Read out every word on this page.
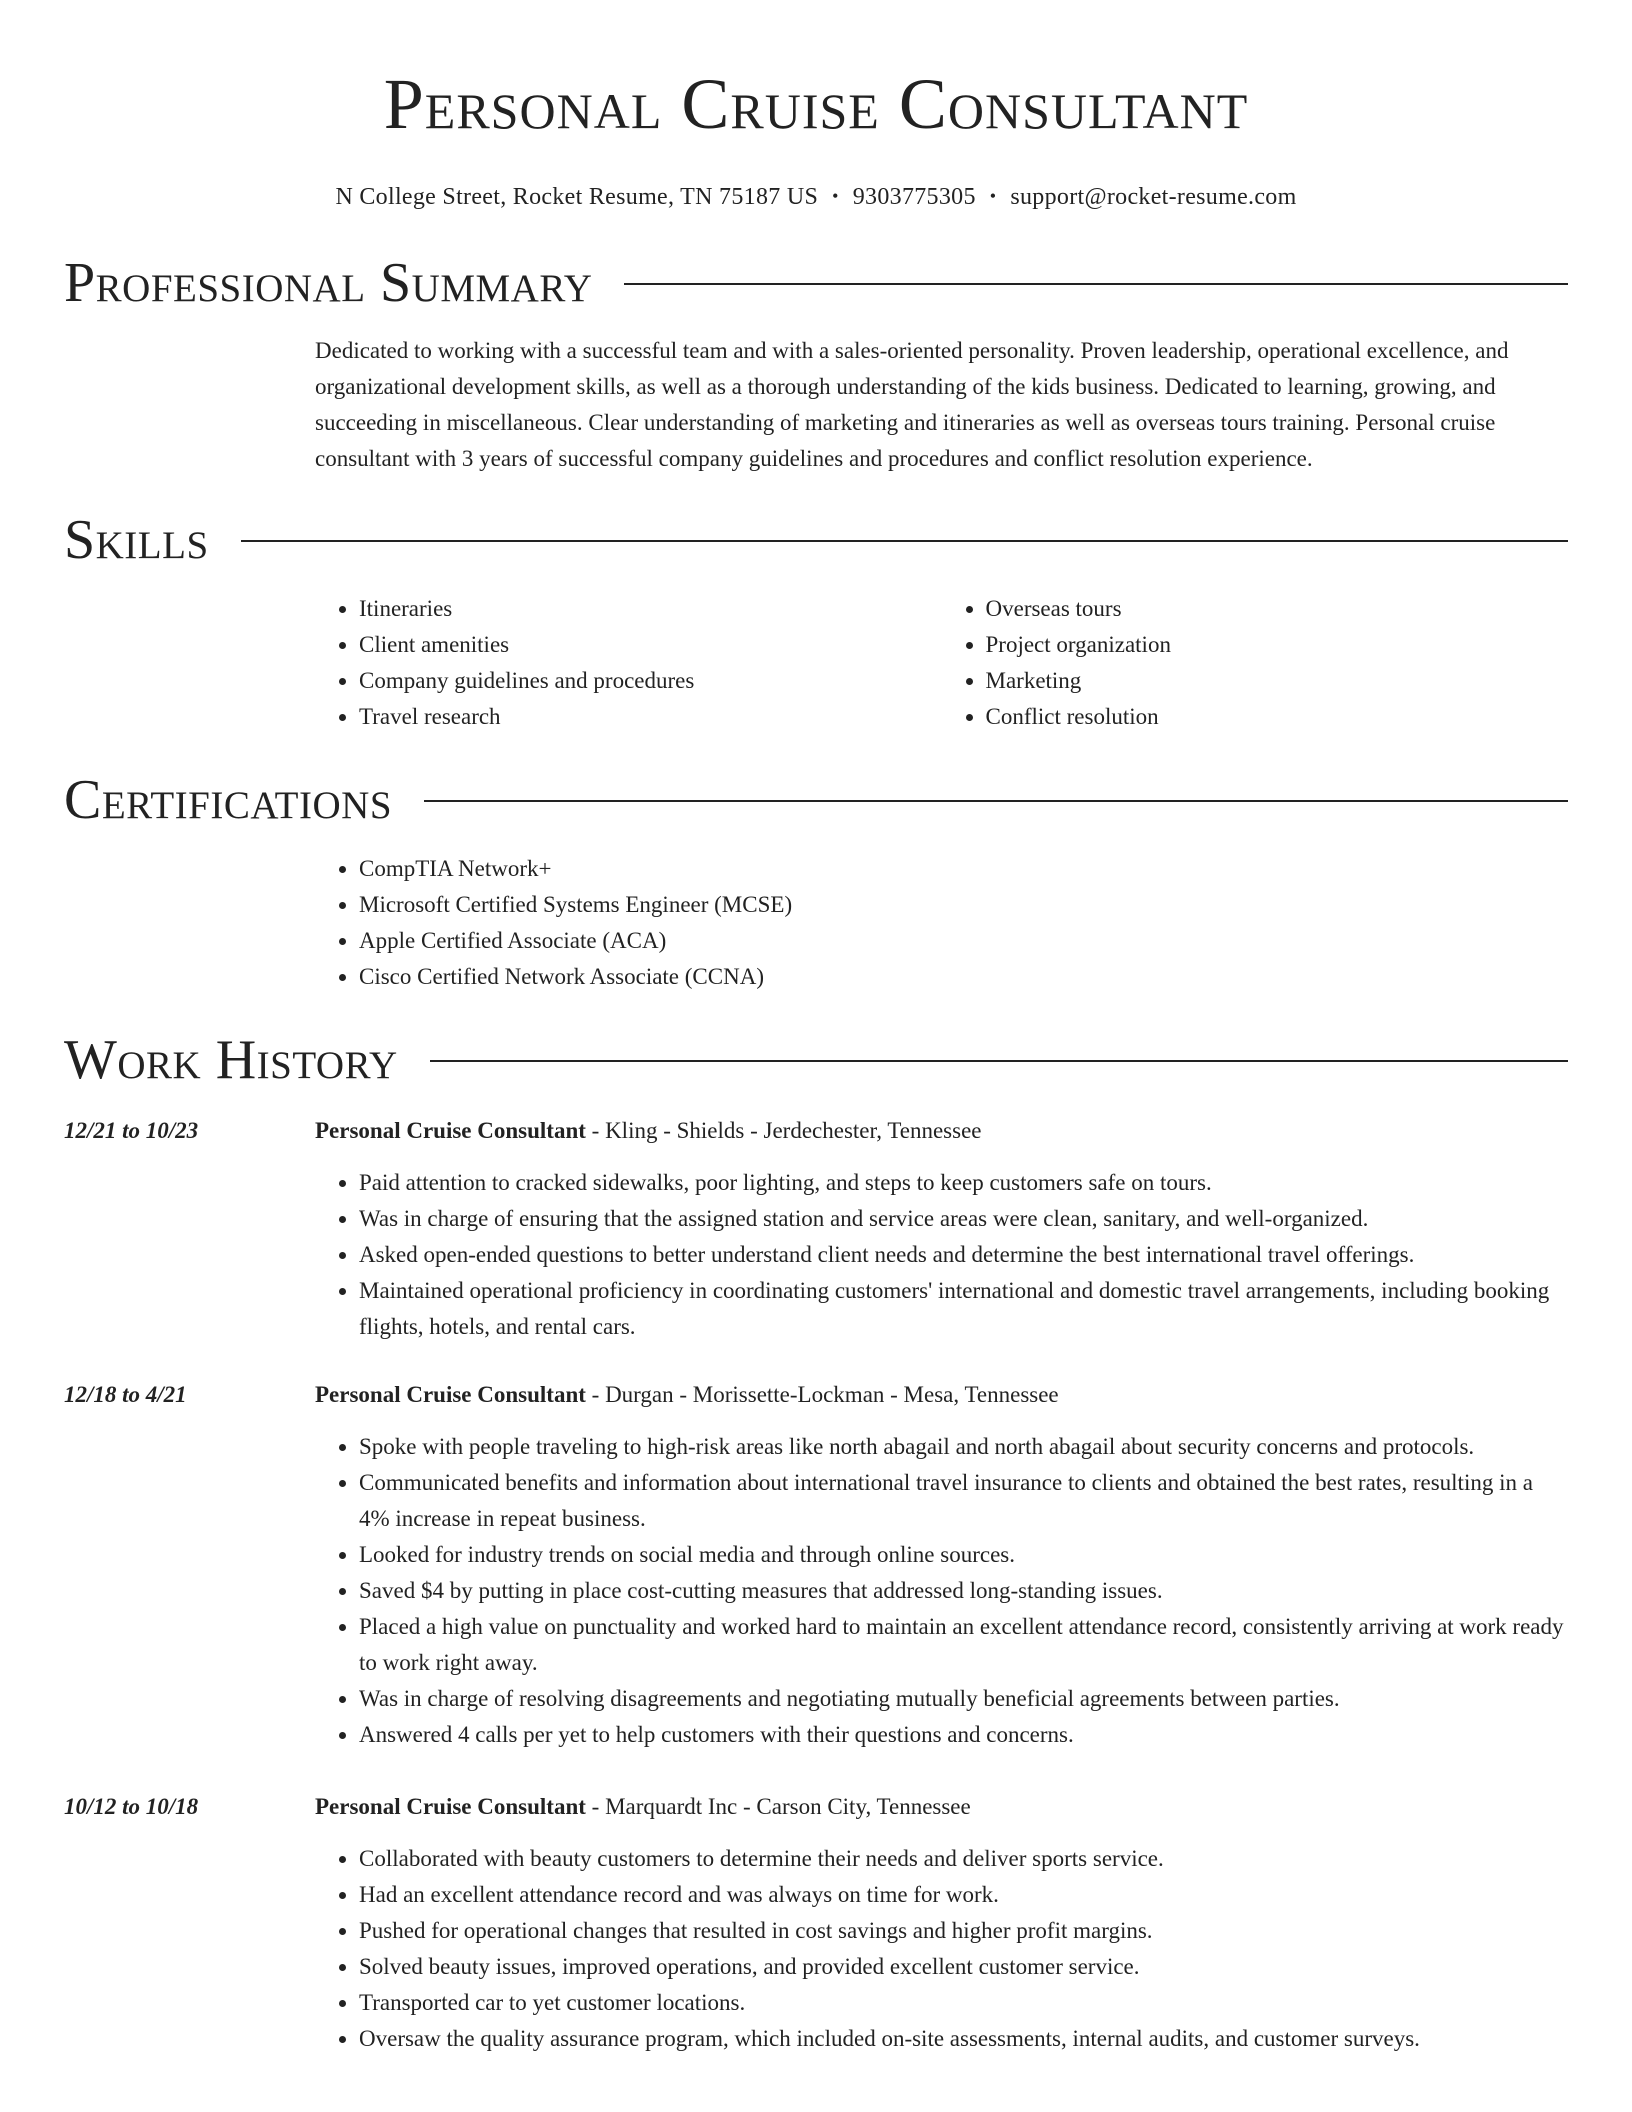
Personal Cruise Consultant
N College Street, Rocket Resume, TN 75187 US • 9303775305 • support@rocket-resume.com
Professional Summary

Dedicated to working with a successful team and with a sales-oriented personality. Proven leadership, operational excellence, and organizational development skills, as well as a thorough understanding of the kids business. Dedicated to learning, growing, and succeeding in miscellaneous. Clear understanding of marketing and itineraries as well as overseas tours training. Personal cruise consultant with 3 years of successful company guidelines and procedures and conflict resolution experience.

Skills
• Itineraries
• Client amenities
• Company guidelines and procedures
• Travel research
• Overseas tours
• Project organization
• Marketing
• Conflict resolution
Certifications
• CompTIA Network+
• Microsoft Certified Systems Engineer (MCSE)
• Apple Certified Associate (ACA)
• Cisco Certified Network Associate (CCNA)
Work History
12/21 to 10/23	Personal Cruise Consultant - Kling - Shields - Jerdechester, Tennessee
• Paid attention to cracked sidewalks, poor lighting, and steps to keep customers safe on tours.
• Was in charge of ensuring that the assigned station and service areas were clean, sanitary, and well-organized.
• Asked open-ended questions to better understand client needs and determine the best international travel offerings.
• Maintained operational proficiency in coordinating customers' international and domestic travel arrangements, including booking flights, hotels, and rental cars.
12/18 to 4/21	Personal Cruise Consultant - Durgan - Morissette-Lockman - Mesa, Tennessee
• Spoke with people traveling to high-risk areas like north abagail and north abagail about security concerns and protocols.
• Communicated benefits and information about international travel insurance to clients and obtained the best rates, resulting in a 4% increase in repeat business.
• Looked for industry trends on social media and through online sources.
• Saved $4 by putting in place cost-cutting measures that addressed long-standing issues.
• Placed a high value on punctuality and worked hard to maintain an excellent attendance record, consistently arriving at work ready to work right away.
• Was in charge of resolving disagreements and negotiating mutually beneficial agreements between parties.
• Answered 4 calls per yet to help customers with their questions and concerns.
10/12 to 10/18	Personal Cruise Consultant - Marquardt Inc - Carson City, Tennessee
• Collaborated with beauty customers to determine their needs and deliver sports service.
• Had an excellent attendance record and was always on time for work.
• Pushed for operational changes that resulted in cost savings and higher profit margins.
• Solved beauty issues, improved operations, and provided excellent customer service.
• Transported car to yet customer locations.
• Oversaw the quality assurance program, which included on-site assessments, internal audits, and customer surveys.
